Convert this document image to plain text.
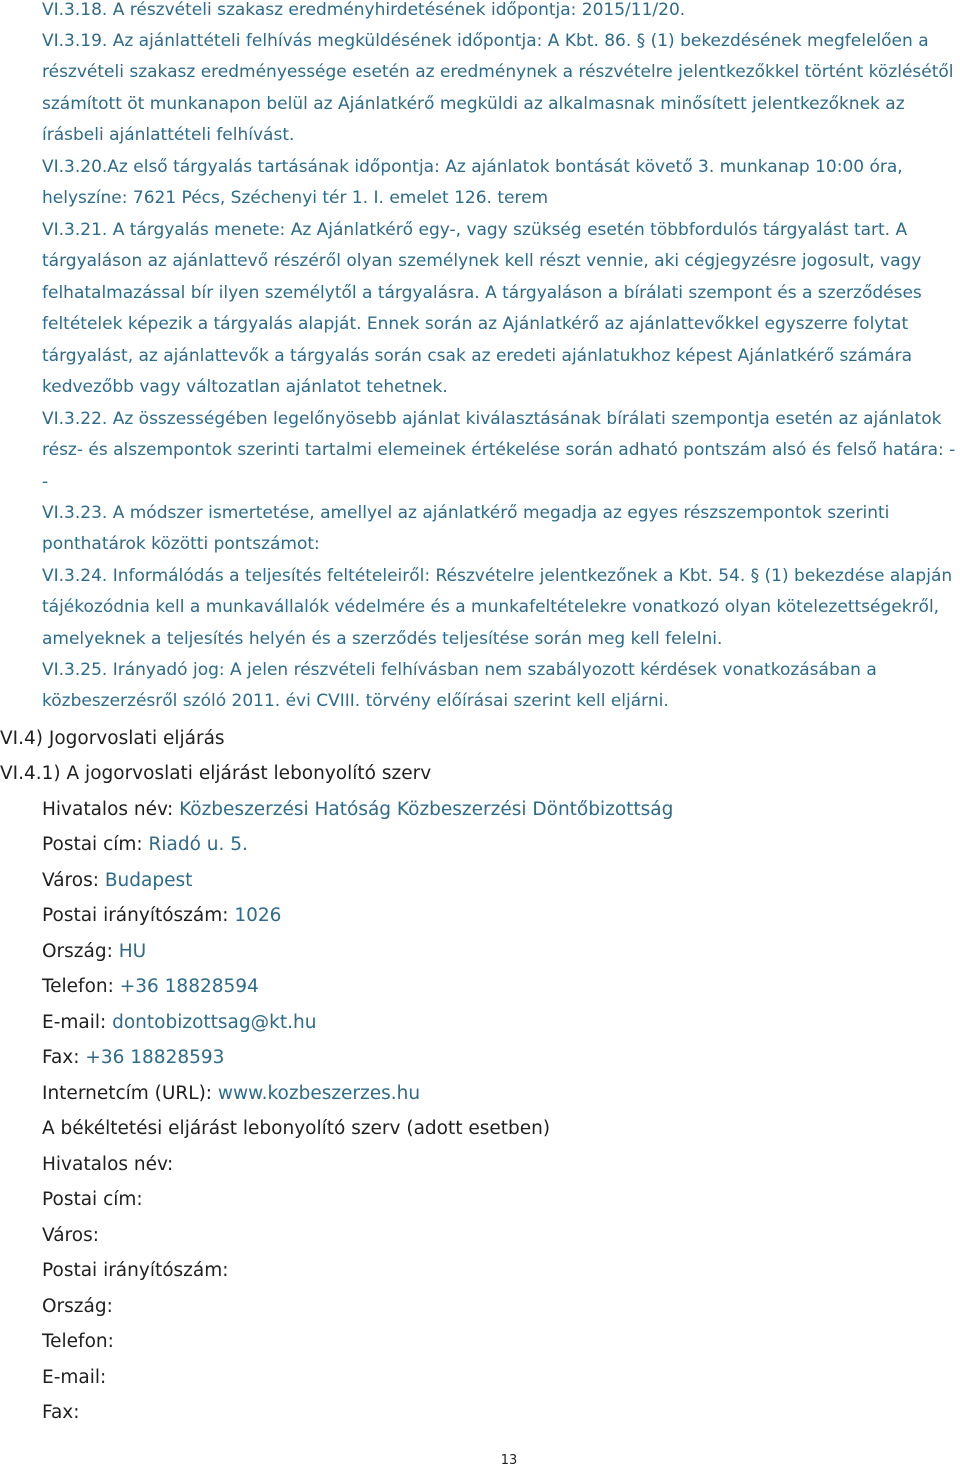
VI.3.18. A részvételi szakasz eredményhirdetésének időpontja: 2015/11/20.

VI.3.19. Az ajánlattételi felhívás megküldésének időpontja: A Kbt. 86. § (1) bekezdésének megfelelően a részvételi szakasz eredményessége esetén az eredménynek a részvételre jelentkezőkkel történt közlésétől számított öt munkanapon belül az Ajánlatkérő megküldi az alkalmasnak minősített jelentkezőknek az írásbeli ajánlattételi felhívást.

VI.3.20.Az első tárgyalás tartásának időpontja: Az ajánlatok bontását követő 3. munkanap 10:00 óra, helyszíne: 7621 Pécs, Széchenyi tér 1. I. emelet 126. terem

VI.3.21. A tárgyalás menete: Az Ajánlatkérő egy-, vagy szükség esetén többfordulós tárgyalást tart. A tárgyaláson az ajánlattevő részéről olyan személynek kell részt vennie, aki cégjegyzésre jogosult, vagy felhatalmazással bír ilyen személytől a tárgyalásra. A tárgyaláson a bírálati szempont és a szerződéses feltételek képezik a tárgyalás alapját. Ennek során az Ajánlatkérő az ajánlattevőkkel egyszerre folytat tárgyalást, az ajánlattevők a tárgyalás során csak az eredeti ajánlatukhoz képest Ajánlatkérő számára kedvezőbb vagy változatlan ajánlatot tehetnek.

VI.3.22. Az összességében legelőnyösebb ajánlat kiválasztásának bírálati szempontja esetén az ajánlatok rész- és alszempontok szerinti tartalmi elemeinek értékelése során adható pontszám alsó és felső határa: --

VI.3.23. A módszer ismertetése, amellyel az ajánlatkérő megadja az egyes részszempontok szerinti ponthatárok közötti pontszámot:

VI.3.24. Informálódás a teljesítés feltételeiről: Részvételre jelentkezőnek a Kbt. 54. § (1) bekezdése alapján tájékozódnia kell a munkavállalók védelmére és a munkafeltételekre vonatkozó olyan kötelezettségekről, amelyeknek a teljesítés helyén és a szerződés teljesítése során meg kell felelni.

VI.3.25. Irányadó jog: A jelen részvételi felhívásban nem szabályozott kérdések vonatkozásában a közbeszerzésről szóló 2011. évi CVIII. törvény előírásai szerint kell eljárni.

VI.4) Jogorvoslati eljárás

VI.4.1) A jogorvoslati eljárást lebonyolító szerv

Hivatalos név: Közbeszerzési Hatóság Közbeszerzési Döntőbizottság

Postai cím: Riadó u. 5.

Város: Budapest

Postai irányítószám: 1026

Ország: HU

Telefon: +36 18828594

E-mail: dontobizottsag@kt.hu

Fax: +36 18828593

Internetcím (URL): www.kozbeszerzes.hu

A békéltetési eljárást lebonyolító szerv (adott esetben)

Hivatalos név:

Postai cím:

Város:

Postai irányítószám:

Ország:

Telefon:

E-mail:

Fax:

13
